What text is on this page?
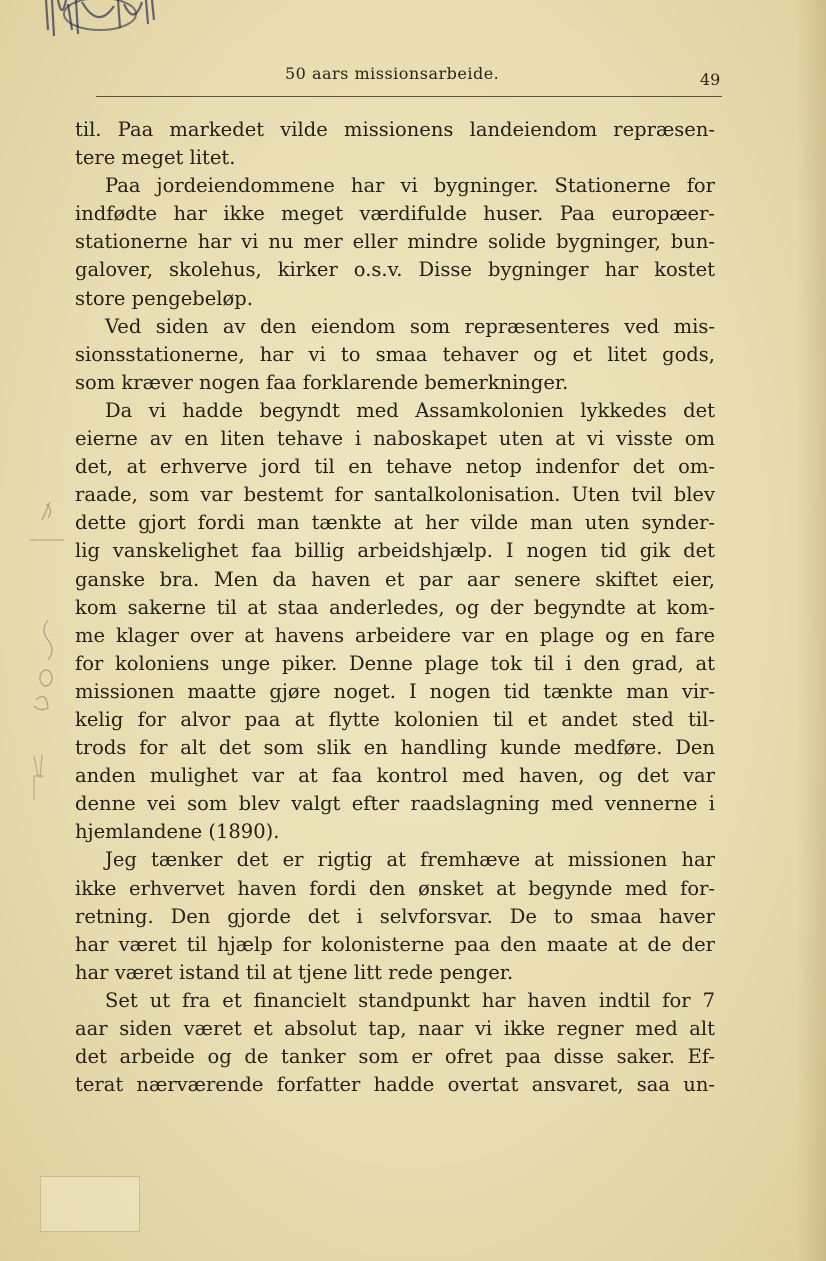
50 aars missionsarbeide.	49
til. Paa markedet vilde missionens landeiendom repræsen-
tere meget litet.
Paa jordeiendommene har vi bygninger. Stationerne for
indfødte har ikke meget værdifulde huser. Paa europæer-
stationerne har vi nu mer eller mindre solide bygninger, bun-
galover, skolehus, kirker o.s.v. Disse bygninger har kostet
store pengebeløp.
Ved siden av den eiendom som repræsenteres ved mis-
sionsstationerne, har vi to smaa tehaver og et litet gods,
som kræver nogen faa forklarende bemerkninger.
Da vi hadde begyndt med Assamkolonien lykkedes det
eierne av en liten tehave i naboskapet uten at vi visste om
det, at erhverve jord til en tehave netop indenfor det om-
raade, som var bestemt for santalkolonisation. Uten tvil blev
dette gjort fordi man tænkte at her vilde man uten synder-
lig vanskelighet faa billig arbeidshjælp. I nogen tid gik det
ganske bra. Men da haven et par aar senere skiftet eier,
kom sakerne til at staa anderledes, og der begyndte at kom-
me klager over at havens arbeidere var en plage og en fare
for koloniens unge piker. Denne plage tok til i den grad, at
missionen maatte gjøre noget. I nogen tid tænkte man vir-
kelig for alvor paa at flytte kolonien til et andet sted til-
trods for alt det som slik en handling kunde medføre. Den
anden mulighet var at faa kontrol med haven, og det var
denne vei som blev valgt efter raadslagning med vennerne i
hjemlandene (1890).
Jeg tænker det er rigtig at fremhæve at missionen har
ikke erhvervet haven fordi den ønsket at begynde med for-
retning. Den gjorde det i selvforsvar. De to smaa haver
har været til hjælp for kolonisterne paa den maate at de der
har været istand til at tjene litt rede penger.
Set ut fra et financielt standpunkt har haven indtil for 7
aar siden været et absolut tap, naar vi ikke regner med alt
det arbeide og de tanker som er ofret paa disse saker. Ef-
terat nærværende forfatter hadde overtat ansvaret, saa un-
